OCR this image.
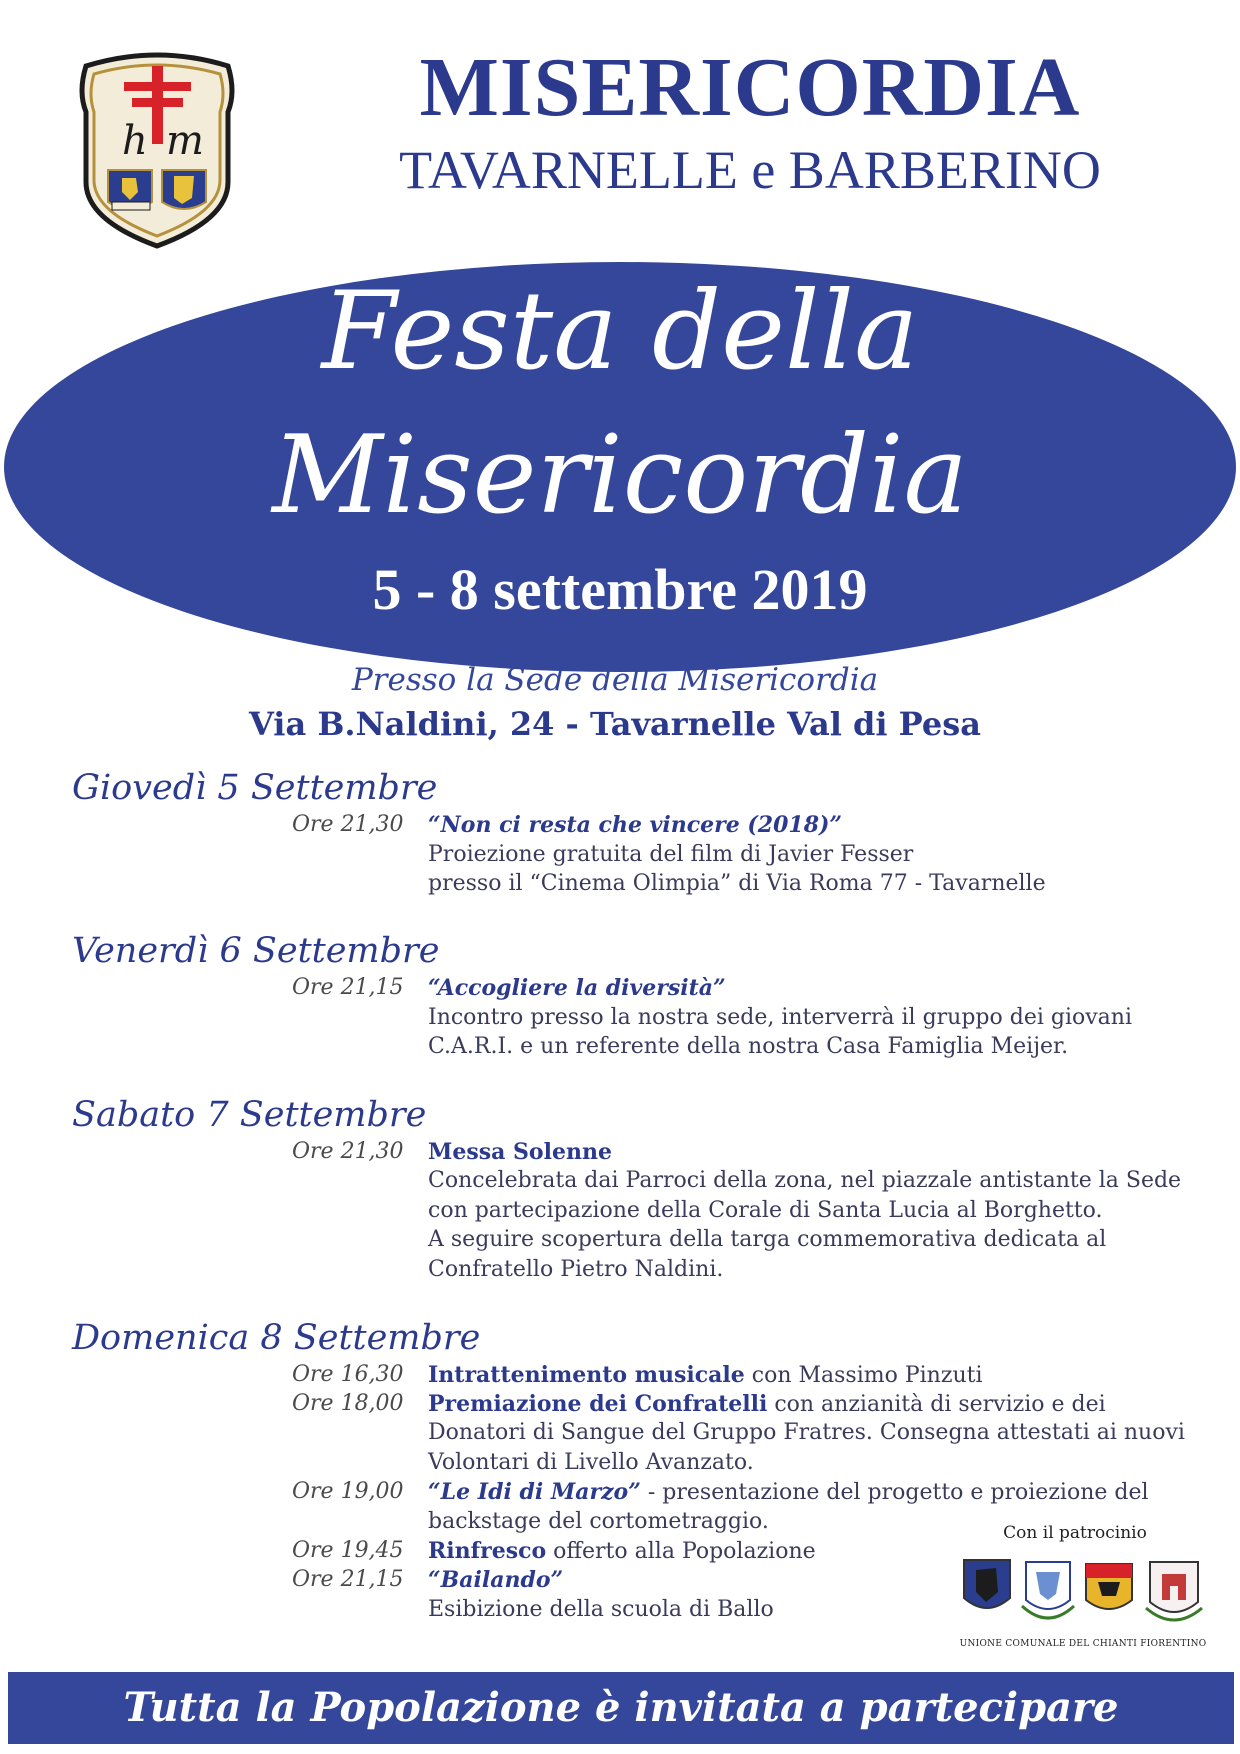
h m
MISERICORDIA
TAVARNELLE e BARBERINO
Festa della
Misericordia
5 - 8 settembre 2019
Presso la Sede della Misericordia
Via B.Naldini, 24 - Tavarnelle Val di Pesa
Giovedì 5 Settembre
Ore 21,30	“Non ci resta che vincere (2018)”
Proiezione gratuita del film di Javier Fesser
presso il “Cinema Olimpia” di Via Roma 77 - Tavarnelle
Venerdì 6 Settembre
Ore 21,15	“Accogliere la diversità”
Incontro presso la nostra sede, interverrà il gruppo dei giovani
C.A.R.I. e un referente della nostra Casa Famiglia Meijer.
Sabato 7 Settembre
Ore 21,30	Messa Solenne
Concelebrata dai Parroci della zona, nel piazzale antistante la Sede
con partecipazione della Corale di Santa Lucia al Borghetto.
A seguire scopertura della targa commemorativa dedicata al
Confratello Pietro Naldini.
Domenica 8 Settembre
Ore 16,30	Intrattenimento musicale con Massimo Pinzuti
Ore 18,00	Premiazione dei Confratelli con anzianità di servizio e dei
Donatori di Sangue del Gruppo Fratres. Consegna attestati ai nuovi
Volontari di Livello Avanzato.
Ore 19,00	“Le Idi di Marzo” - presentazione del progetto e proiezione del
backstage del cortometraggio.
Ore 19,45	Rinfresco offerto alla Popolazione
Ore 21,15	“Bailando”
Esibizione della scuola di Ballo
Con il patrocinio
UNIONE COMUNALE DEL CHIANTI FIORENTINO
Tutta la Popolazione è invitata a partecipare
